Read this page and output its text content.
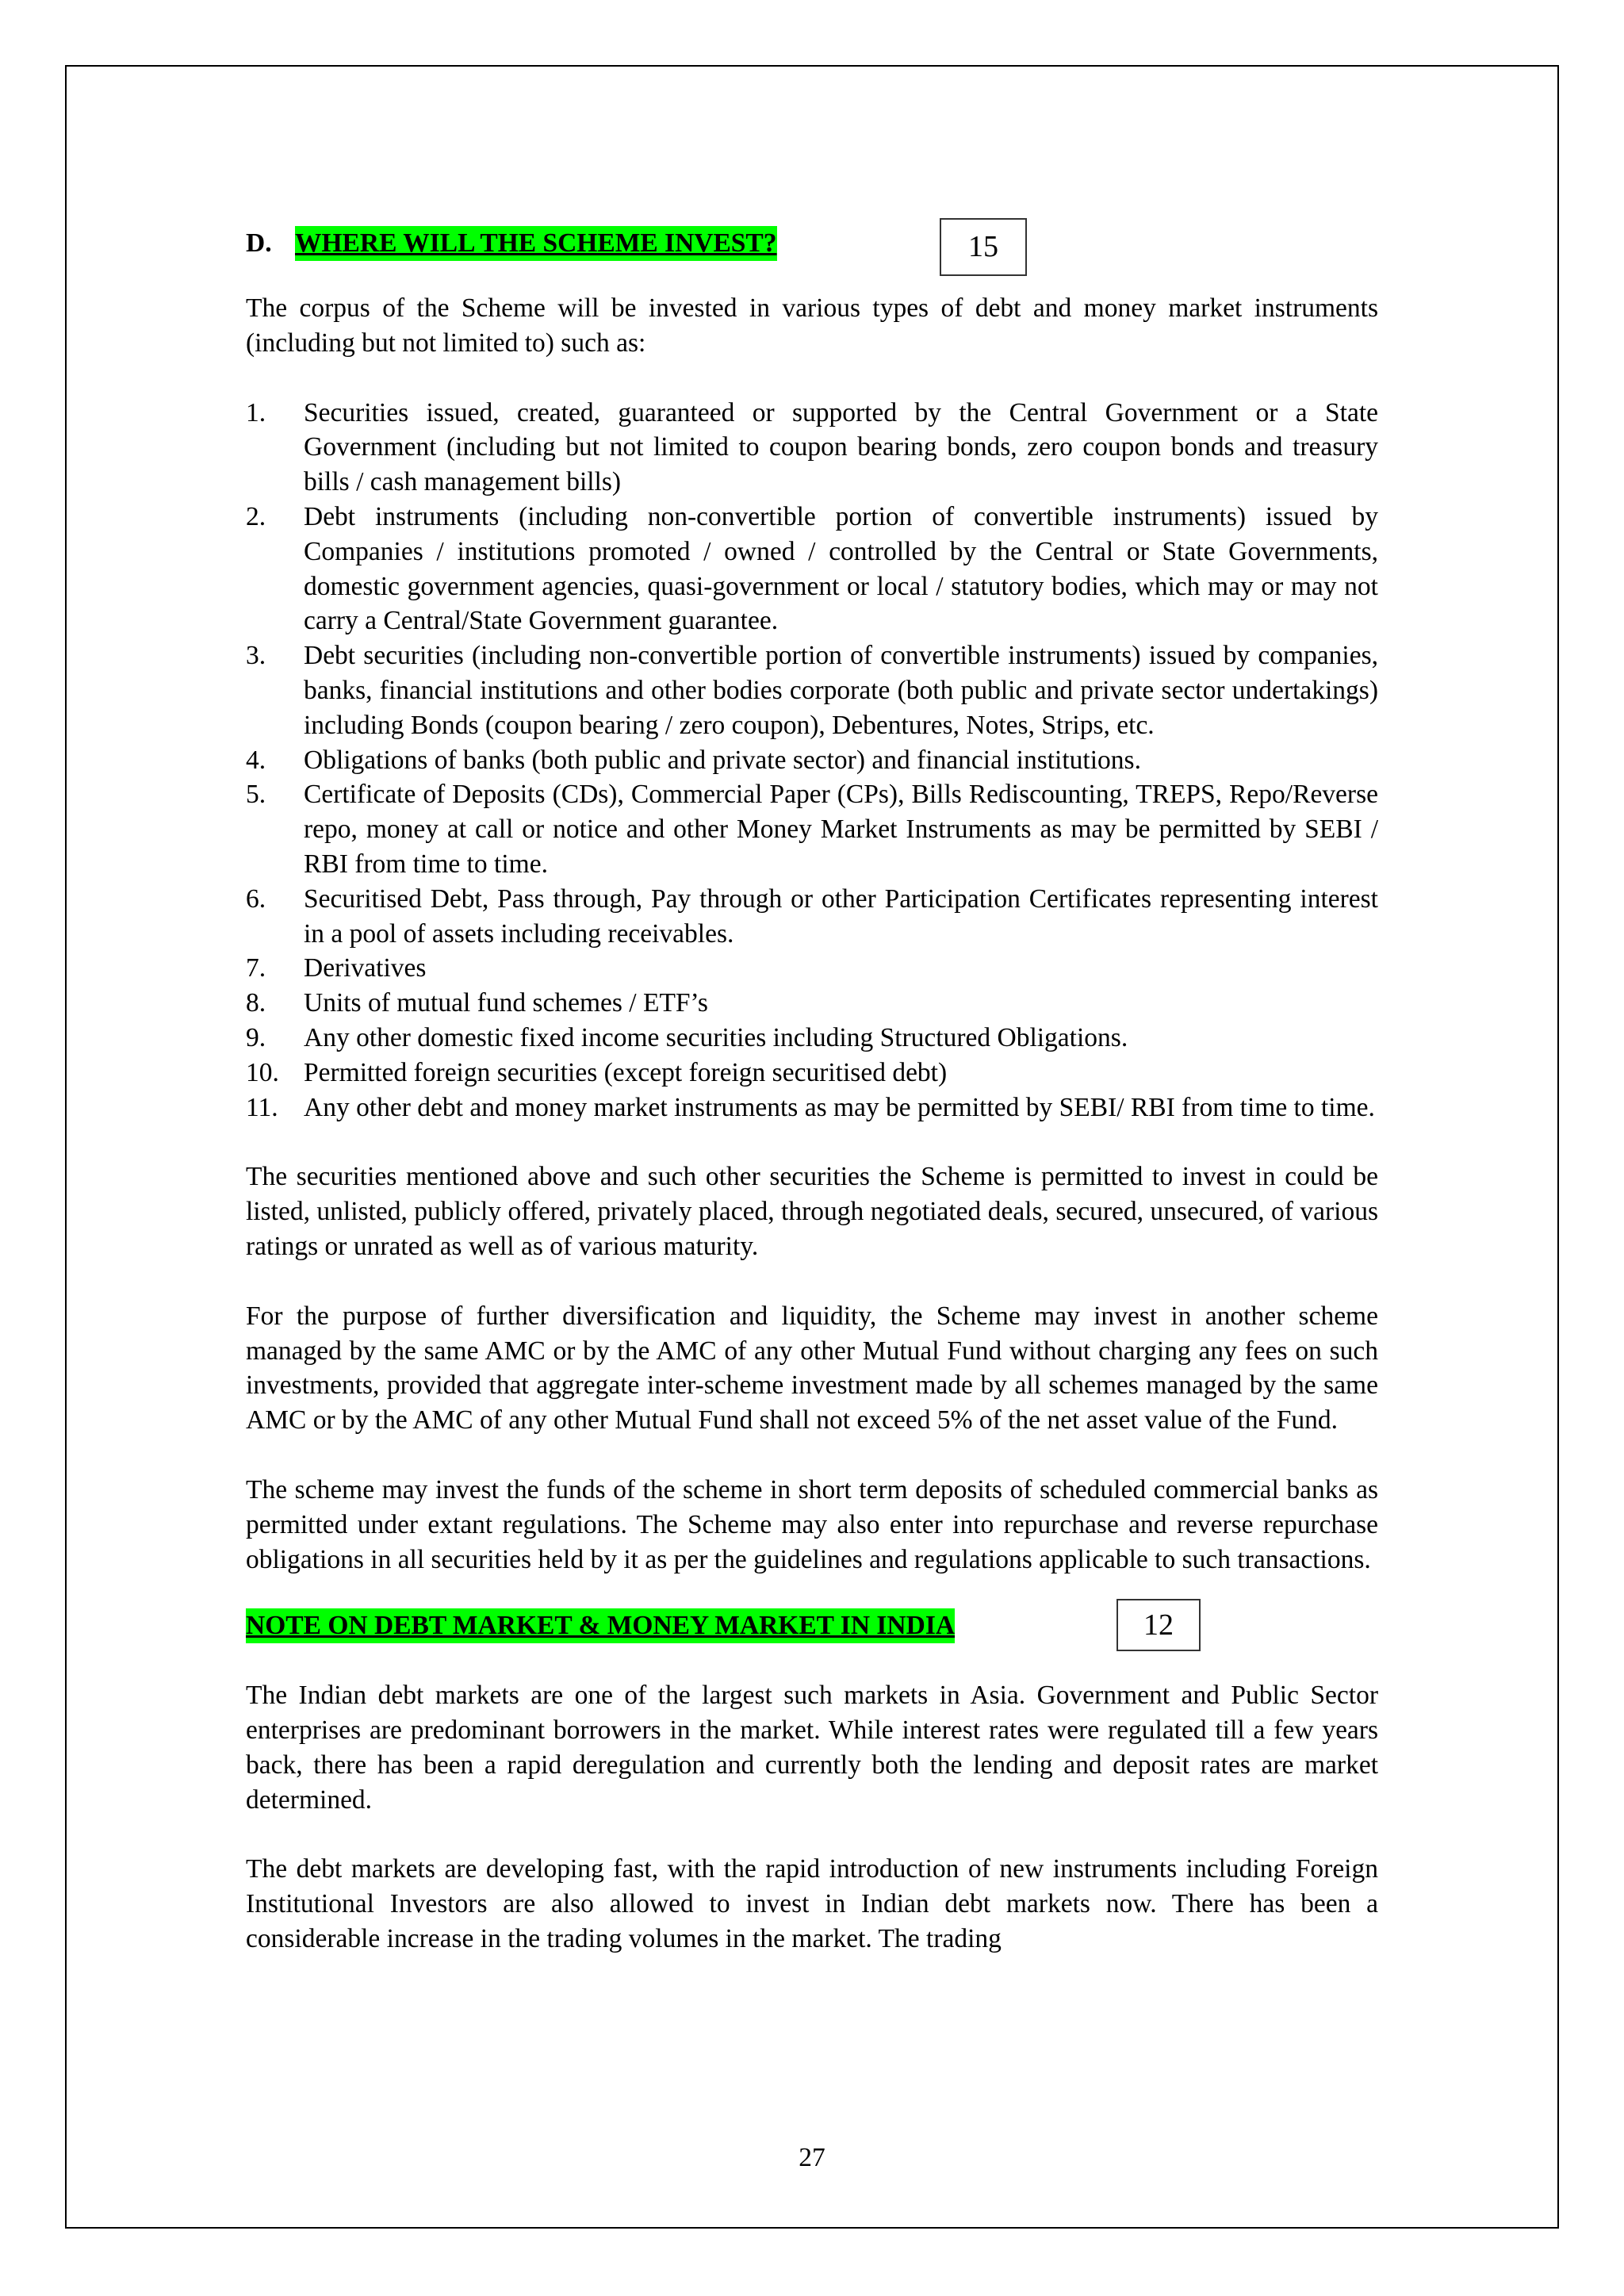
D. WHERE WILL THE SCHEME INVEST?	15

The corpus of the Scheme will be invested in various types of debt and money market instruments (including but not limited to) such as:

1. Securities issued, created, guaranteed or supported by the Central Government or a State Government (including but not limited to coupon bearing bonds, zero coupon bonds and treasury bills / cash management bills)
2. Debt instruments (including non-convertible portion of convertible instruments) issued by Companies / institutions promoted / owned / controlled by the Central or State Governments, domestic government agencies, quasi-government or local / statutory bodies, which may or may not carry a Central/State Government guarantee.
3. Debt securities (including non-convertible portion of convertible instruments) issued by companies, banks, financial institutions and other bodies corporate (both public and private sector undertakings) including Bonds (coupon bearing / zero coupon), Debentures, Notes, Strips, etc.
4. Obligations of banks (both public and private sector) and financial institutions.
5. Certificate of Deposits (CDs), Commercial Paper (CPs), Bills Rediscounting, TREPS, Repo/Reverse repo, money at call or notice and other Money Market Instruments as may be permitted by SEBI / RBI from time to time.
6. Securitised Debt, Pass through, Pay through or other Participation Certificates representing interest in a pool of assets including receivables.
7. Derivatives
8. Units of mutual fund schemes / ETF’s
9. Any other domestic fixed income securities including Structured Obligations.
10. Permitted foreign securities (except foreign securitised debt)
11. Any other debt and money market instruments as may be permitted by SEBI/ RBI from time to time.

The securities mentioned above and such other securities the Scheme is permitted to invest in could be listed, unlisted, publicly offered, privately placed, through negotiated deals, secured, unsecured, of various ratings or unrated as well as of various maturity.

For the purpose of further diversification and liquidity, the Scheme may invest in another scheme managed by the same AMC or by the AMC of any other Mutual Fund without charging any fees on such investments, provided that aggregate inter-scheme investment made by all schemes managed by the same AMC or by the AMC of any other Mutual Fund shall not exceed 5% of the net asset value of the Fund.

The scheme may invest the funds of the scheme in short term deposits of scheduled commercial banks as permitted under extant regulations. The Scheme may also enter into repurchase and reverse repurchase obligations in all securities held by it as per the guidelines and regulations applicable to such transactions.

NOTE ON DEBT MARKET & MONEY MARKET IN INDIA	12

The Indian debt markets are one of the largest such markets in Asia. Government and Public Sector enterprises are predominant borrowers in the market. While interest rates were regulated till a few years back, there has been a rapid deregulation and currently both the lending and deposit rates are market determined.

The debt markets are developing fast, with the rapid introduction of new instruments including Foreign Institutional Investors are also allowed to invest in Indian debt markets now. There has been a considerable increase in the trading volumes in the market. The trading

27
